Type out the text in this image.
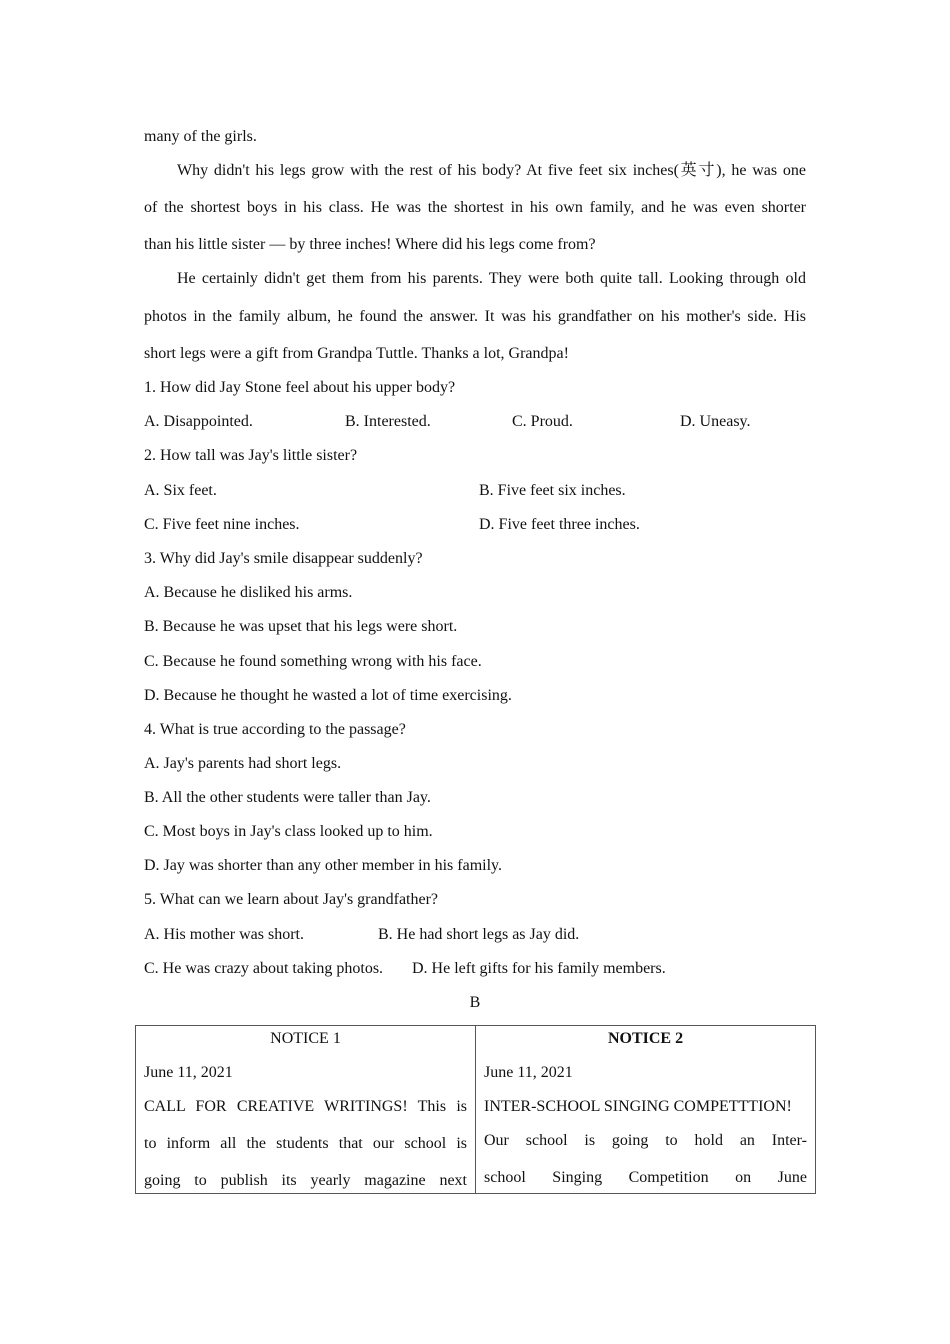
many of the girls.
Why didn't his legs grow with the rest of his body? At five feet six inches(英寸), he was one
of the shortest boys in his class. He was the shortest in his own family, and he was even shorter
than his little sister — by three inches! Where did his legs come from?
He certainly didn't get them from his parents. They were both quite tall. Looking through old
photos in the family album, he found the answer. It was his grandfather on his mother's side. His
short legs were a gift from Grandpa Tuttle. Thanks a lot, Grandpa!
1. How did Jay Stone feel about his upper body?
A. Disappointed.	B. Interested.	C. Proud.	D. Uneasy.
2. How tall was Jay's little sister?
A. Six feet.	B. Five feet six inches.
C. Five feet nine inches.	D. Five feet three inches.
3. Why did Jay's smile disappear suddenly?
A. Because he disliked his arms.
B. Because he was upset that his legs were short.
C. Because he found something wrong with his face.
D. Because he thought he wasted a lot of time exercising.
4. What is true according to the passage?
A. Jay's parents had short legs.
B. All the other students were taller than Jay.
C. Most boys in Jay's class looked up to him.
D. Jay was shorter than any other member in his family.
5. What can we learn about Jay's grandfather?
A. His mother was short.	B. He had short legs as Jay did.
C. He was crazy about taking photos. D. He left gifts for his family members.
B
NOTICE 1
June 11, 2021
CALL FOR CREATIVE WRITINGS! This is
to inform all the students that our school is
going to publish its yearly magazine next

NOTICE 2
June 11, 2021
INTER-SCHOOL SINGING COMPETTTION!
Our school is going to hold an Inter-
school Singing Competition on June
